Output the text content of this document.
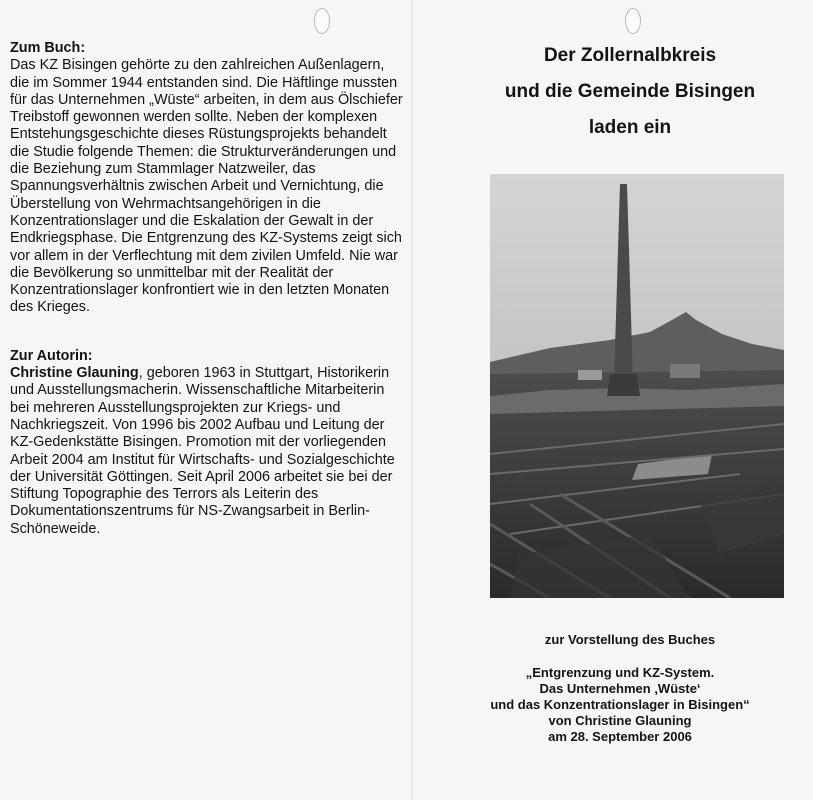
Zum Buch:

Das KZ Bisingen gehörte zu den zahlreichen Außenlagern, die im Sommer 1944 entstanden sind. Die Häftlinge mussten für das Unternehmen „Wüste“ arbeiten, in dem aus Ölschiefer Treibstoff gewonnen werden sollte. Neben der komplexen Entstehungsgeschichte dieses Rüstungsprojekts behandelt die Studie folgende Themen: die Strukturveränderungen und die Beziehung zum Stammlager Natzweiler, das Spannungsverhältnis zwischen Arbeit und Vernichtung, die Überstellung von Wehrmachtsangehörigen in die Konzentrationslager und die Eskalation der Gewalt in der Endkriegsphase. Die Entgrenzung des KZ-Systems zeigt sich vor allem in der Verflechtung mit dem zivilen Umfeld. Nie war die Bevölkerung so unmittelbar mit der Realität der Konzentrationslager konfrontiert wie in den letzten Monaten des Krieges.

Zur Autorin:

Christine Glauning, geboren 1963 in Stuttgart, Historikerin und Ausstellungsmacherin. Wissenschaftliche Mitarbeiterin bei mehreren Ausstellungsprojekten zur Kriegs- und Nachkriegszeit. Von 1996 bis 2002 Aufbau und Leitung der KZ-Gedenkstätte Bisingen. Promotion mit der vorliegenden Arbeit 2004 am Institut für Wirtschafts- und Sozialgeschichte der Universität Göttingen. Seit April 2006 arbeitet sie bei der Stiftung Topographie des Terrors als Leiterin des Dokumentationszentrums für NS-Zwangsarbeit in Berlin-Schöneweide.

Der Zollernalbkreis
und die Gemeinde Bisingen
laden ein
zur Vorstellung des Buches
„Entgrenzung und KZ-System.
Das Unternehmen ‚Wüste‘
und das Konzentrationslager in Bisingen“
von Christine Glauning
am 28. September 2006
